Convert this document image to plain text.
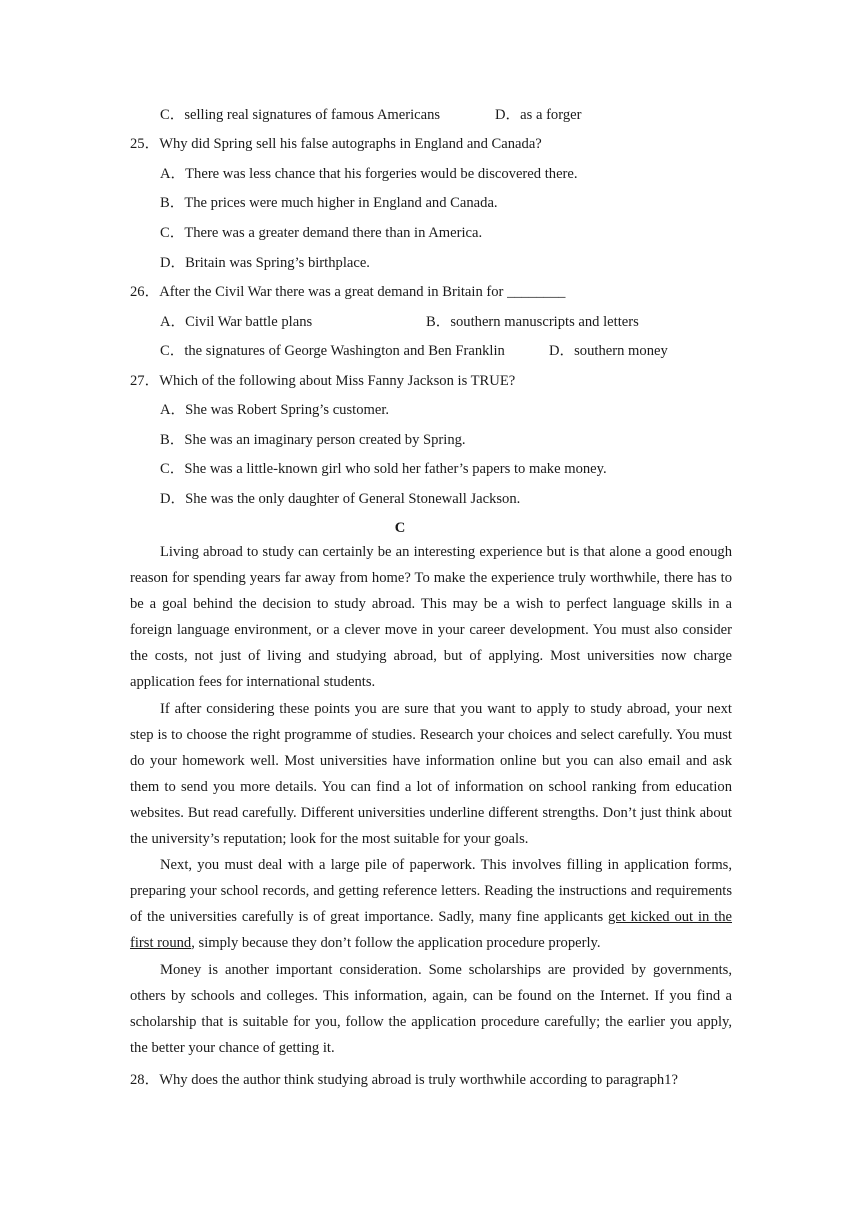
C．selling real signatures of famous Americans	D．as a forger
25．Why did Spring sell his false autographs in England and Canada?
A．There was less chance that his forgeries would be discovered there.
B．The prices were much higher in England and Canada.
C．There was a greater demand there than in America.
D．Britain was Spring’s birthplace.
26．After the Civil War there was a great demand in Britain for ________
A．Civil War battle plans	B．southern manuscripts and letters
C．the signatures of George Washington and Ben Franklin	D．southern money
27．Which of the following about Miss Fanny Jackson is TRUE?
A．She was Robert Spring’s customer.
B．She was an imaginary person created by Spring.
C．She was a little-known girl who sold her father’s papers to make money.
D．She was the only daughter of General Stonewall Jackson.
C

Living abroad to study can certainly be an interesting experience but is that alone a good enough reason for spending years far away from home? To make the experience truly worthwhile, there has to be a goal behind the decision to study abroad. This may be a wish to perfect language skills in a foreign language environment, or a clever move in your career development. You must also consider the costs, not just of living and studying abroad, but of applying. Most universities now charge application fees for international students.

If after considering these points you are sure that you want to apply to study abroad, your next step is to choose the right programme of studies. Research your choices and select carefully. You must do your homework well. Most universities have information online but you can also email and ask them to send you more details. You can find a lot of information on school ranking from education websites. But read carefully. Different universities underline different strengths. Don’t just think about the university’s reputation; look for the most suitable for your goals.

Next, you must deal with a large pile of paperwork. This involves filling in application forms, preparing your school records, and getting reference letters. Reading the instructions and requirements of the universities carefully is of great importance. Sadly, many fine applicants get kicked out in the first round, simply because they don’t follow the application procedure properly.

Money is another important consideration. Some scholarships are provided by governments, others by schools and colleges. This information, again, can be found on the Internet. If you find a scholarship that is suitable for you, follow the application procedure carefully; the earlier you apply, the better your chance of getting it.

28．Why does the author think studying abroad is truly worthwhile according to paragraph1?
